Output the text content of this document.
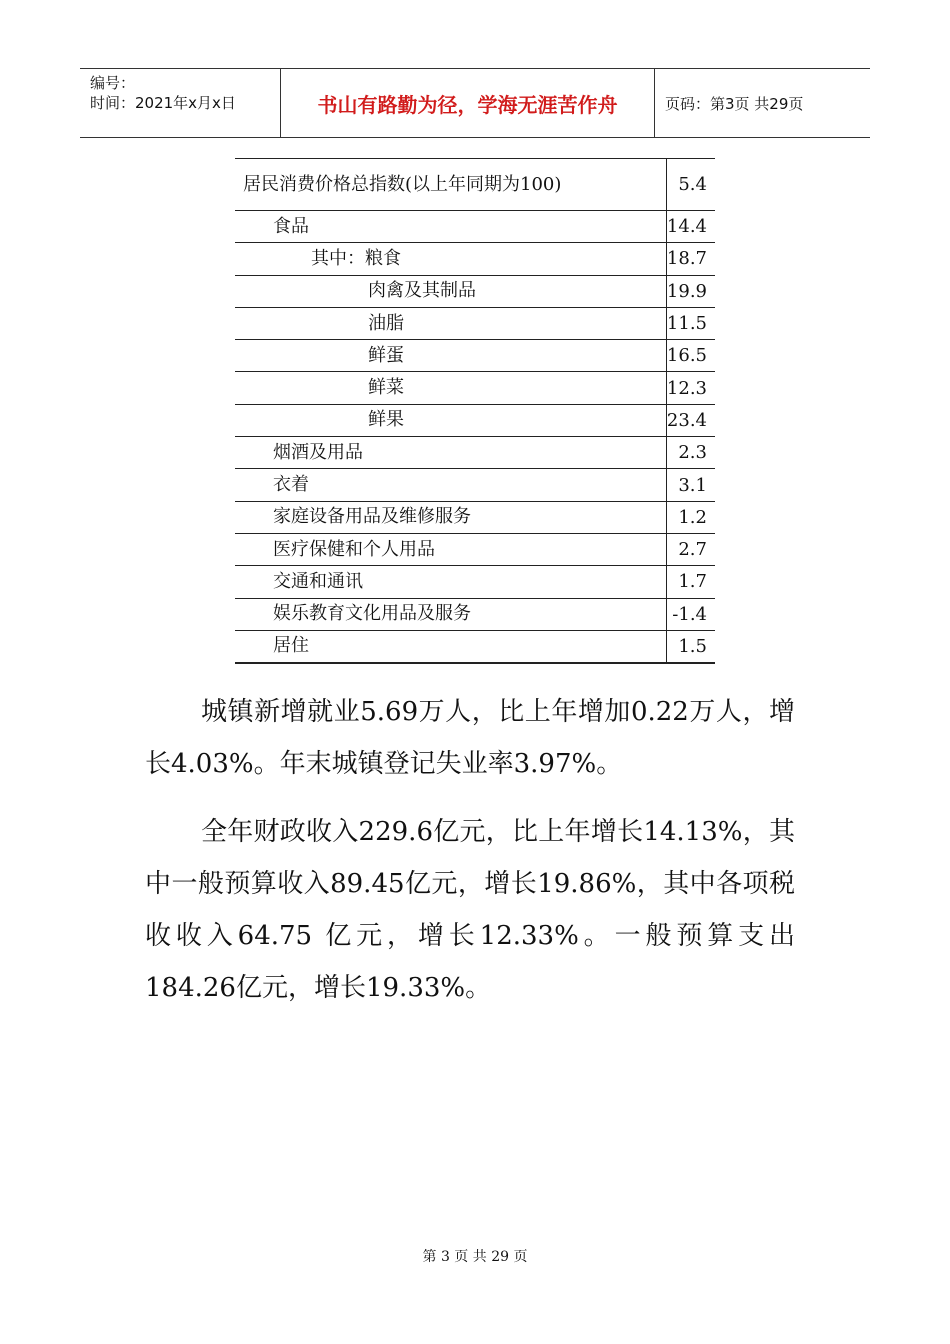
编号：
时间：2021年x月x日	书山有路勤为径，学海无涯苦作舟	页码：第3页 共29页
居民消费价格总指数(以上年同期为100)	5.4
食品	14.4
其中：粮食	18.7
肉禽及其制品	19.9
油脂	11.5
鲜蛋	16.5
鲜菜	12.3
鲜果	23.4
烟酒及用品	2.3
衣着	3.1
家庭设备用品及维修服务	1.2
医疗保健和个人用品	2.7
交通和通讯	1.7
娱乐教育文化用品及服务	-1.4
居住	1.5

城镇新增就业5.69万人，比上年增加0.22万人，增长4.03%。年末城镇登记失业率3.97%。

全年财政收入229.6亿元，比上年增长14.13%，其中一般预算收入89.45亿元，增长19.86%，其中各项税收收入64.75 亿元，增长12.33%。一般预算支出184.26亿元，增长19.33%。

第 3 页 共 29 页
